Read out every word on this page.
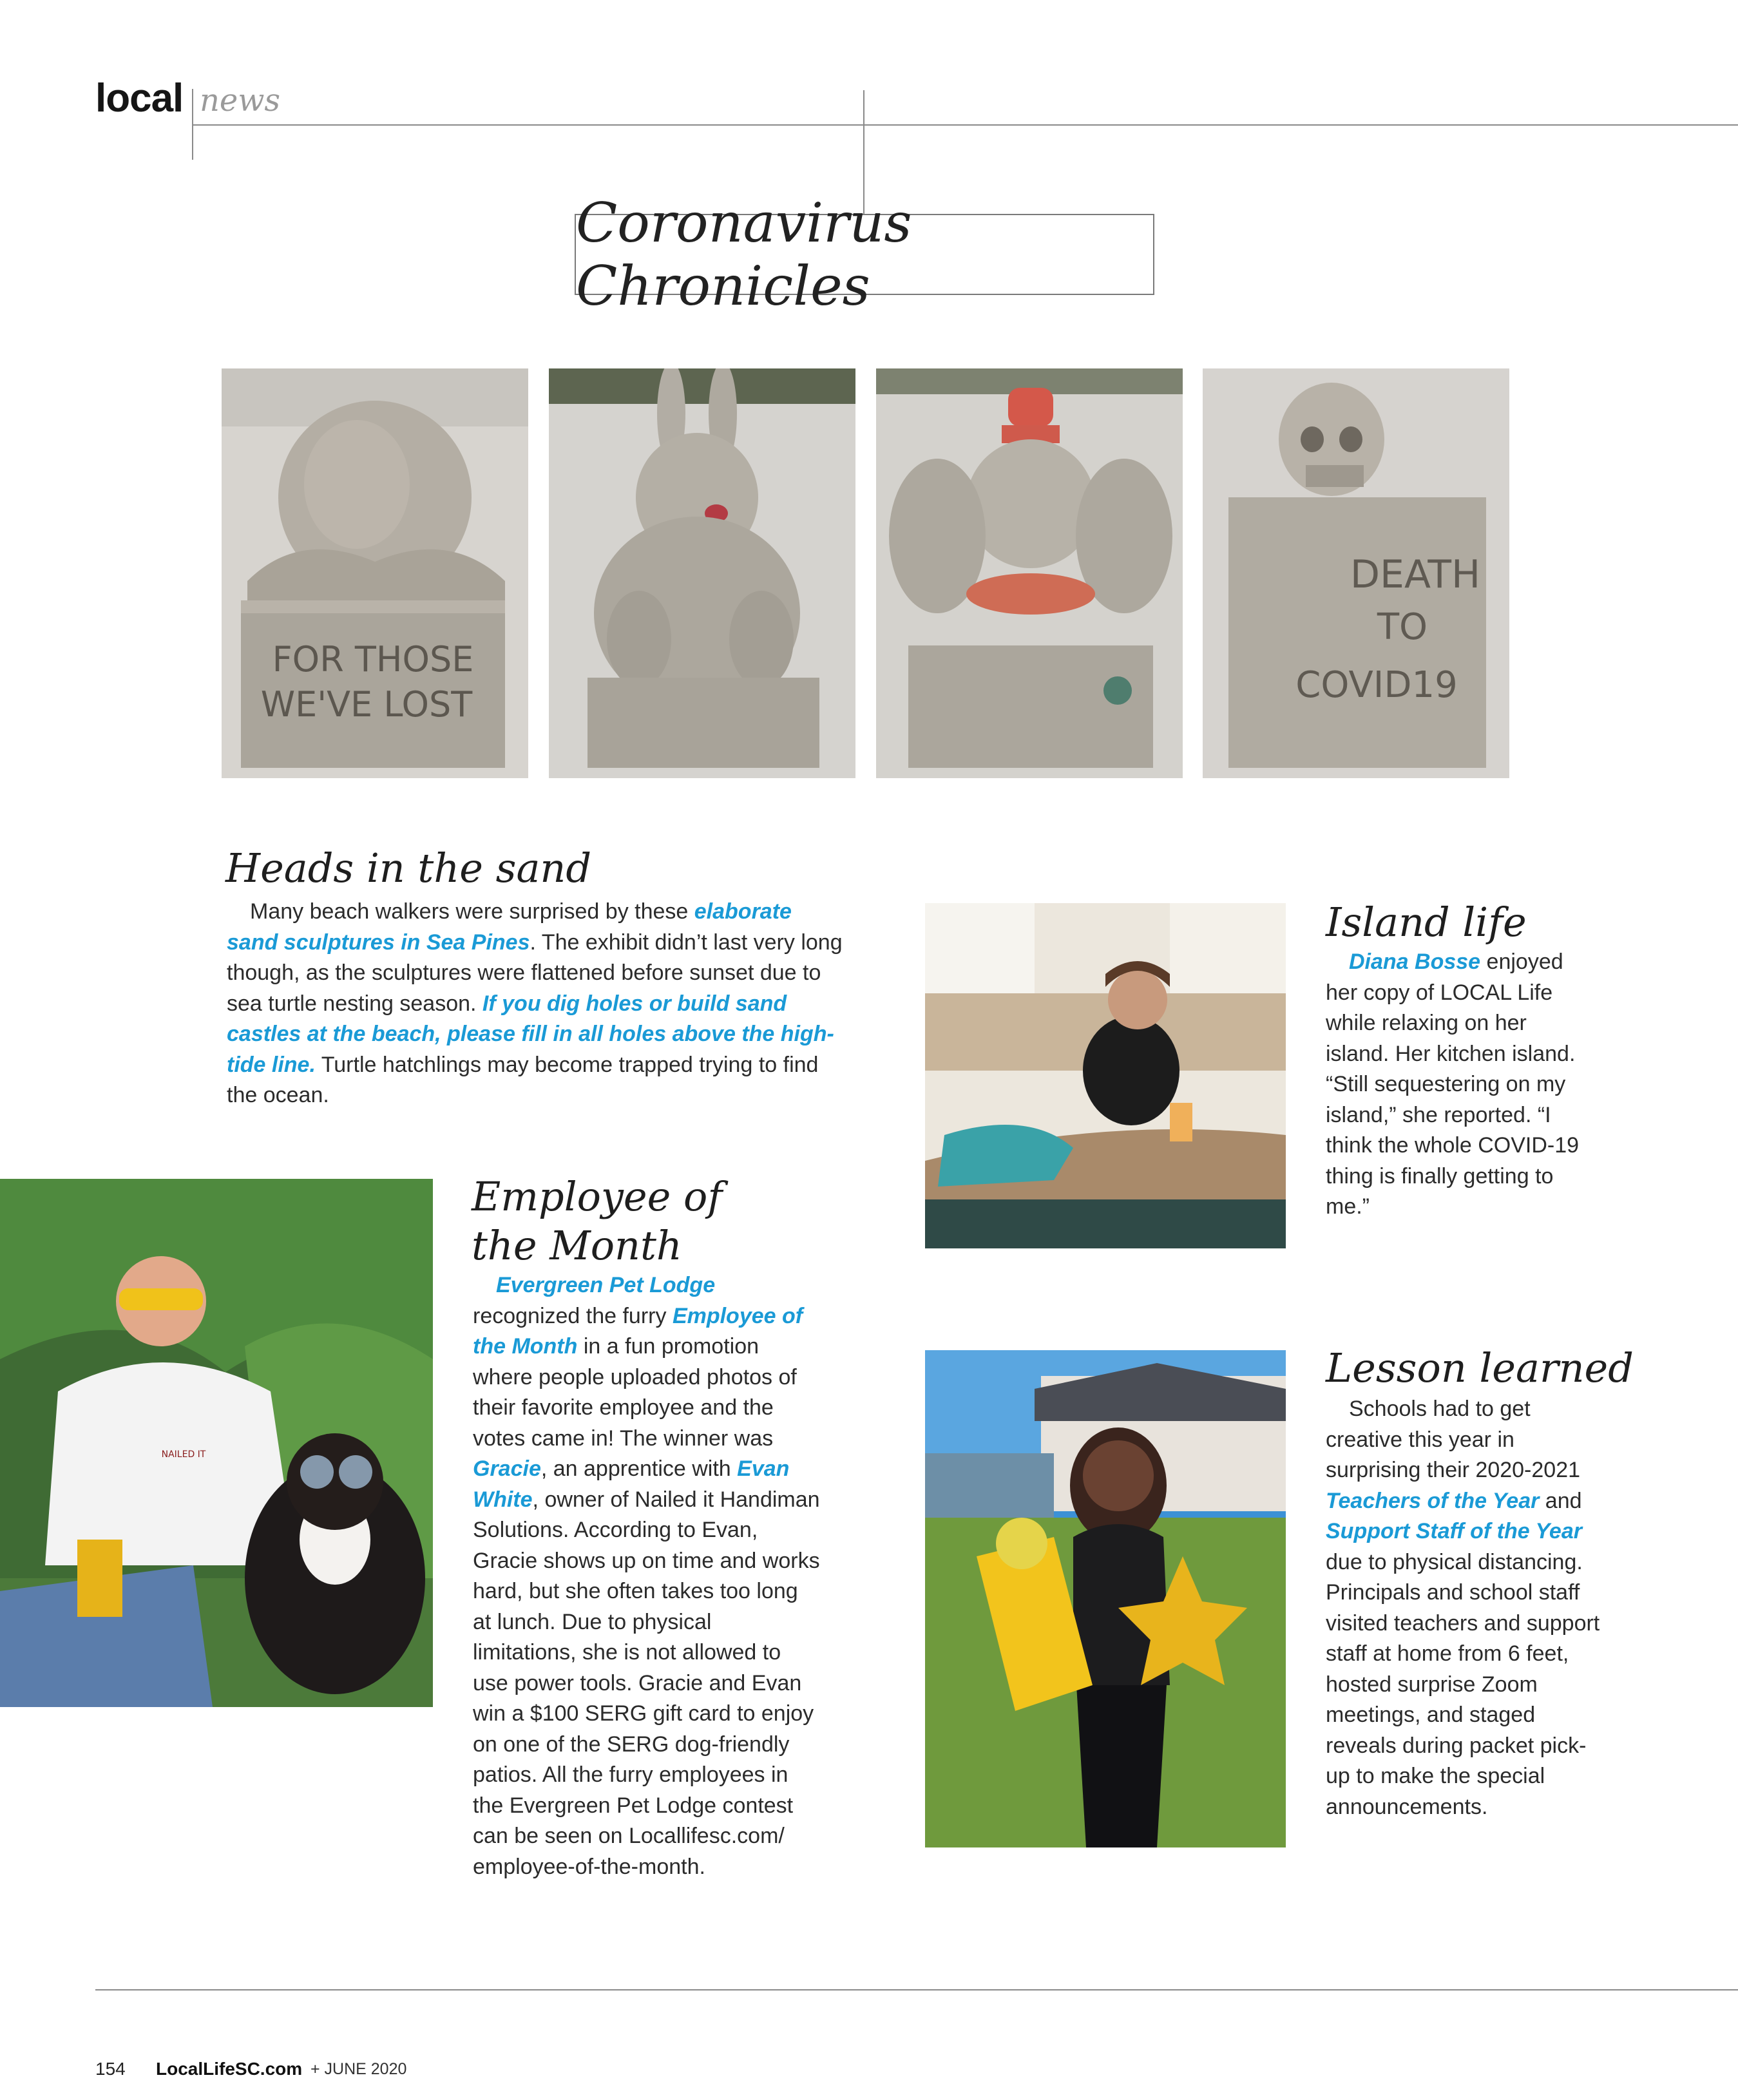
local news
Coronavirus Chronicles
FOR THOSE
WE'VE LOST
DEATH
TO
COVID19
Heads in the sand

Many beach walkers were surprised by these elaborate sand sculptures in Sea Pines. The exhibit didn’t last very long though, as the sculptures were flattened before sunset due to sea turtle nesting season. If you dig holes or build sand castles at the beach, please fill in all holes above the high-tide line. Turtle hatchlings may become trapped trying to find the ocean.

Island life

Diana Bosse enjoyed her copy of LOCAL Life while relaxing on her island. Her kitchen island. “Still sequestering on my island,” she reported. “I think the whole COVID-19 thing is finally getting to me.”

NAILED IT
Employee of
the Month

Evergreen Pet Lodge recognized the furry Employee of the Month in a fun promotion where people uploaded photos of their favorite employee and the votes came in! The winner was Gracie, an apprentice with Evan White, owner of Nailed it Handiman Solutions. According to Evan, Gracie shows up on time and works hard, but she often takes too long at lunch. Due to physical limitations, she is not allowed to use power tools. Gracie and Evan win a $100 SERG gift card to enjoy on one of the SERG dog-friendly patios. All the furry employees in the Evergreen Pet Lodge contest can be seen on Locallifesc.com/ employee-of-the-month.

Lesson learned

Schools had to get creative this year in surprising their 2020-2021 Teachers of the Year and Support Staff of the Year due to physical distancing. Principals and school staff visited teachers and support staff at home from 6 feet, hosted surprise Zoom meetings, and staged reveals during packet pick-up to make the special announcements.

154 LocalLifeSC.com + JUNE 2020
